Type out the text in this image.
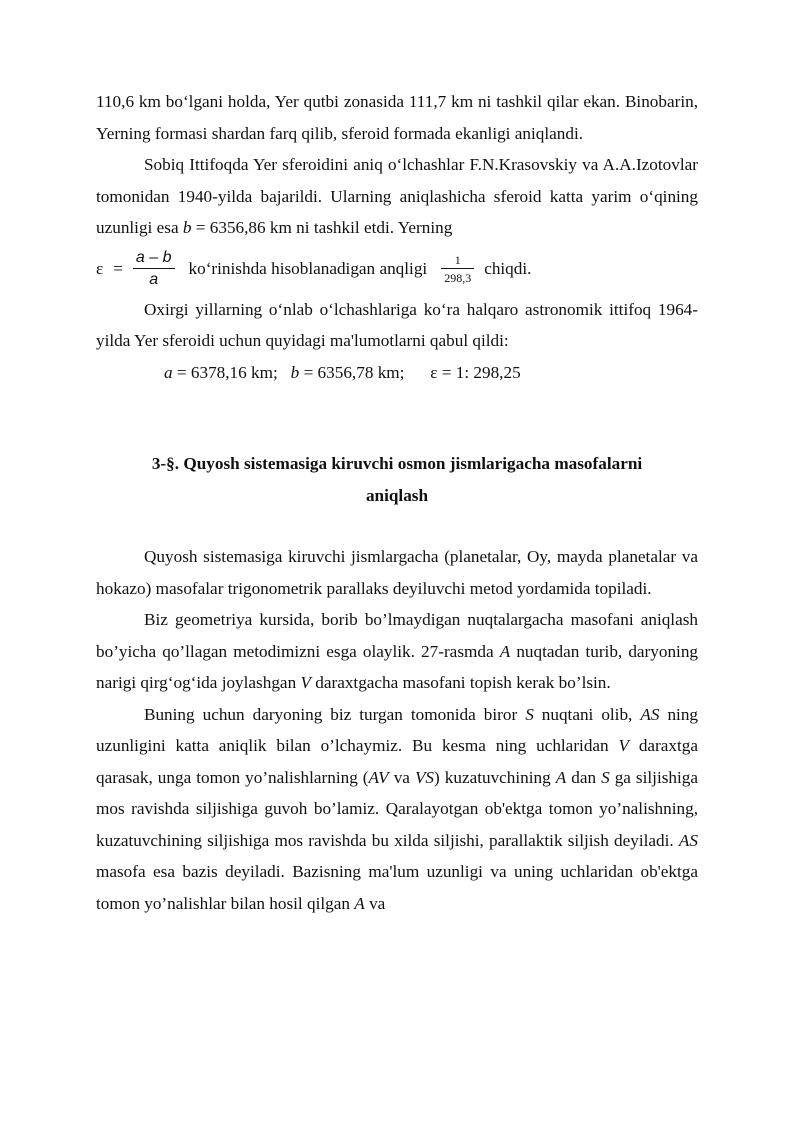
110,6 km bo‘lgani holda, Yer qutbi zonasida 111,7 km ni tashkil qilar ekan. Binobarin, Yerning formasi shardan farq qilib, sferoid formada ekanligi aniqlandi.

Sobiq Ittifoqda Yer sferoidini aniq o‘lchashlar F.N.Krasovskiy va A.A.Izotovlar tomonidan 1940-yilda bajarildi. Ularning aniqlashicha sferoid katta yarim o‘qining uzunligi esa b = 6356,86 km ni tashkil etdi. Yerning

$\varepsilon = \frac{a - b}{a}$ ko‘rinishda hisoblanadigan anqligi $\frac{1}{298,3}$ chiqdi.

Oxirgi yillarning o‘nlab o‘lchashlariga ko‘ra halqaro astronomik ittifoq 1964-yilda Yer sferoidi uchun quyidagi ma'lumotlarni qabul qildi:

a = 6378,16 km;   b = 6356,78 km;      ε = 1: 298,25
3-§. Quyosh sistemasiga kiruvchi osmon jismlarigacha masofalarni
aniqlash

Quyosh sistemasiga kiruvchi jismlargacha (planetalar, Oy, mayda planetalar va hokazo) masofalar trigonometrik parallaks deyiluvchi metod yordamida topiladi.

Biz geometriya kursida, borib bo’lmaydigan nuqtalargacha masofani aniqlash bo’yicha qo’llagan metodimizni esga olaylik. 27-rasmda A nuqtadan turib, daryoning narigi qirg‘og‘ida joylashgan V daraxtgacha masofani topish kerak bo’lsin.

Buning uchun daryoning biz turgan tomonida biror S nuqtani olib, AS ning uzunligini katta aniqlik bilan o’lchaymiz. Bu kesma ning uchlaridan V daraxtga qarasak, unga tomon yo’nalishlarning (AV va VS) kuzatuvchining A dan S ga siljishiga mos ravishda siljishiga guvoh bo’lamiz. Qaralayotgan ob'ektga tomon yo’nalishning, kuzatuvchining siljishiga mos ravishda bu xilda siljishi, parallaktik siljish deyiladi. AS masofa esa bazis deyiladi. Bazisning ma'lum uzunligi va uning uchlaridan ob'ektga tomon yo’nalishlar bilan hosil qilgan A va
